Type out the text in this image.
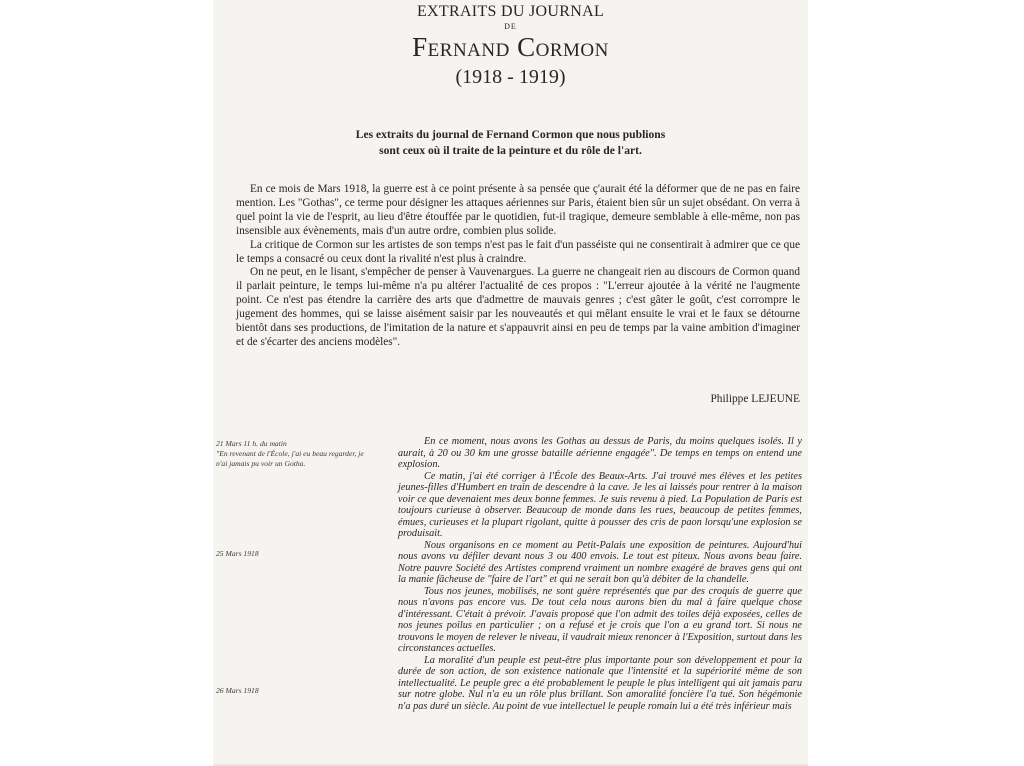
EXTRAITS DU JOURNAL
DE
Fernand Cormon
(1918 - 1919)
Les extraits du journal de Fernand Cormon que nous publions
sont ceux où il traite de la peinture et du rôle de l'art.

En ce mois de Mars 1918, la guerre est à ce point présente à sa pensée que ç'aurait été la déformer que de ne pas en faire mention. Les "Gothas", ce terme pour désigner les attaques aériennes sur Paris, étaient bien sûr un sujet obsédant. On verra à quel point la vie de l'esprit, au lieu d'être étouffée par le quotidien, fut-il tragique, demeure semblable à elle-même, non pas insensible aux évènements, mais d'un autre ordre, combien plus solide.

La critique de Cormon sur les artistes de son temps n'est pas le fait d'un passéiste qui ne consentirait à admirer que ce que le temps a consacré ou ceux dont la rivalité n'est plus à craindre.

On ne peut, en le lisant, s'empêcher de penser à Vauvenargues. La guerre ne changeait rien au discours de Cormon quand il parlait peinture, le temps lui-même n'a pu altérer l'actualité de ces propos : "L'erreur ajoutée à la vérité ne l'augmente point. Ce n'est pas étendre la carrière des arts que d'admettre de mauvais genres ; c'est gâter le goût, c'est corrompre le jugement des hommes, qui se laisse aisément saisir par les nouveautés et qui mêlant ensuite le vrai et le faux se détourne bientôt dans ses productions, de l'imitation de la nature et s'appauvrit ainsi en peu de temps par la vaine ambition d'imaginer et de s'écarter des anciens modèles".

Philippe LEJEUNE
21 Mars 11 h. du matin
"En revenant de l'École, j'ai eu beau regarder, je n'ai jamais pu voir un Gotha.
25 Mars 1918
26 Mars 1918

En ce moment, nous avons les Gothas au dessus de Paris, du moins quelques isolés. Il y aurait, à 20 ou 30 km une grosse bataille aérienne engagée". De temps en temps on entend une explosion.

Ce matin, j'ai été corriger à l'École des Beaux-Arts. J'ai trouvé mes élèves et les petites jeunes-filles d'Humbert en train de descendre à la cave. Je les ai laissés pour rentrer à la maison voir ce que devenaient mes deux bonne femmes. Je suis revenu à pied. La Population de Paris est toujours curieuse à observer. Beaucoup de monde dans les rues, beaucoup de petites femmes, émues, curieuses et la plupart rigolant, quitte à pousser des cris de paon lorsqu'une explosion se produisait.

Nous organisons en ce moment au Petit-Palais une exposition de peintures. Aujourd'hui nous avons vu défiler devant nous 3 ou 400 envois. Le tout est piteux. Nous avons beau faire. Notre pauvre Société des Artistes comprend vraiment un nombre exagéré de braves gens qui ont la manie fâcheuse de "faire de l'art" et qui ne serait bon qu'à débiter de la chandelle.

Tous nos jeunes, mobilisés, ne sont guère représentés que par des croquis de guerre que nous n'avons pas encore vus. De tout cela nous aurons bien du mal à faire quelque chose d'intéressant. C'était à prévoir. J'avais proposé que l'on admit des toiles déjà exposées, celles de nos jeunes poilus en particulier ; on a refusé et je crois que l'on a eu grand tort. Si nous ne trouvons le moyen de relever le niveau, il vaudrait mieux renoncer à l'Exposition, surtout dans les circonstances actuelles.

La moralité d'un peuple est peut-être plus importante pour son développement et pour la durée de son action, de son existence nationale que l'intensité et la supériorité même de son intellectualité. Le peuple grec a été probablement le peuple le plus intelligent qui ait jamais paru sur notre globe. Nul n'a eu un rôle plus brillant. Son amoralité foncière l'a tué. Son hégémonie n'a pas duré un siècle. Au point de vue intellectuel le peuple romain lui a été très inférieur mais
